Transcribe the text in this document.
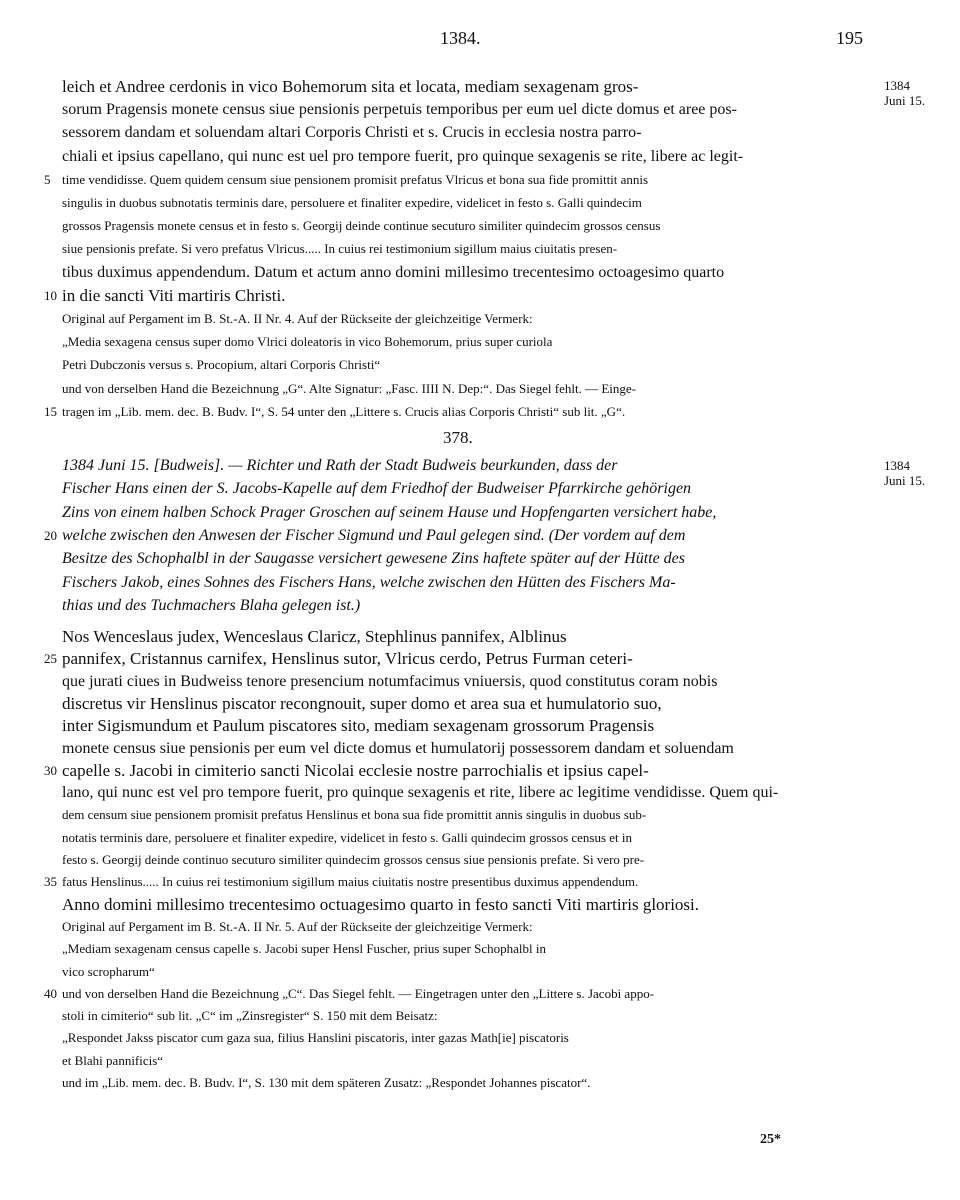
1384.	195
1384
Juni 15.
leich et Andree cerdonis in vico Bohemorum sita et locata, mediam sexagenam gros-
sorum Pragensis monete census siue pensionis perpetuis temporibus per eum uel dicte domus et aree pos-
sessorem dandam et soluendam altari Corporis Christi et s. Crucis in ecclesia nostra parro-
chiali et ipsius capellano, qui nunc est uel pro tempore fuerit, pro quinque sexagenis se rite, libere ac legit-
time vendidisse. Quem quidem censum siue pensionem promisit prefatus Vlricus et bona sua fide promittit annis
5
singulis in duobus subnotatis terminis dare, persoluere et finaliter expedire, videlicet in festo s. Galli quindecim
grossos Pragensis monete census et in festo s. Georgij deinde continue secuturo similiter quindecim grossos census
siue pensionis prefate. Si vero prefatus Vlricus..... In cuius rei testimonium sigillum maius ciuitatis presen-
tibus duximus appendendum. Datum et actum anno domini millesimo trecentesimo octoagesimo quarto
in die sancti Viti martiris Christi.
10
Original auf Pergament im B. St.-A. II Nr. 4. Auf der Rückseite der gleichzeitige Vermerk:
„Media sexagena census super domo Vlrici doleatoris in vico Bohemorum, prius super curiola
Petri Dubczonis versus s. Procopium, altari Corporis Christi“
und von derselben Hand die Bezeichnung „G“. Alte Signatur: „Fasc. IIII N. Dep:“. Das Siegel fehlt. — Einge-
tragen im „Lib. mem. dec. B. Budv. I“, S. 54 unter den „Littere s. Crucis alias Corporis Christi“ sub lit. „G“.
15
378.
1384
Juni 15.
1384 Juni 15. [Budweis]. — Richter und Rath der Stadt Budweis beurkunden, dass der
Fischer Hans einen der S. Jacobs-Kapelle auf dem Friedhof der Budweiser Pfarrkirche gehörigen
Zins von einem halben Schock Prager Groschen auf seinem Hause und Hopfengarten versichert habe,
welche zwischen den Anwesen der Fischer Sigmund und Paul gelegen sind. (Der vordem auf dem
20
Besitze des Schophalbl in der Saugasse versichert gewesene Zins haftete später auf der Hütte des
Fischers Jakob, eines Sohnes des Fischers Hans, welche zwischen den Hütten des Fischers Ma-
thias und des Tuchmachers Blaha gelegen ist.)
Nos Wenceslaus judex, Wenceslaus Claricz, Stephlinus pannifex, Alblinus
pannifex, Cristannus carnifex, Henslinus sutor, Vlricus cerdo, Petrus Furman ceteri-
25
que jurati ciues in Budweiss tenore presencium notumfacimus vniuersis, quod constitutus coram nobis
discretus vir Henslinus piscator recongnouit, super domo et area sua et humulatorio suo,
inter Sigismundum et Paulum piscatores sito, mediam sexagenam grossorum Pragensis
monete census siue pensionis per eum vel dicte domus et humulatorij possessorem dandam et soluendam
capelle s. Jacobi in cimiterio sancti Nicolai ecclesie nostre parrochialis et ipsius capel-
30
lano, qui nunc est vel pro tempore fuerit, pro quinque sexagenis et rite, libere ac legitime vendidisse. Quem qui-
dem censum siue pensionem promisit prefatus Henslinus et bona sua fide promittit annis singulis in duobus sub-
notatis terminis dare, persoluere et finaliter expedire, videlicet in festo s. Galli quindecim grossos census et in
festo s. Georgij deinde continuo secuturo similiter quindecim grossos census siue pensionis prefate. Si vero pre-
fatus Henslinus..... In cuius rei testimonium sigillum maius ciuitatis nostre presentibus duximus appendendum.
35
Anno domini millesimo trecentesimo octuagesimo quarto in festo sancti Viti martiris gloriosi.
Original auf Pergament im B. St.-A. II Nr. 5. Auf der Rückseite der gleichzeitige Vermerk:
„Mediam sexagenam census capelle s. Jacobi super Hensl Fuscher, prius super Schophalbl in
vico scropharum“
und von derselben Hand die Bezeichnung „C“. Das Siegel fehlt. — Eingetragen unter den „Littere s. Jacobi appo-
40
stoli in cimiterio“ sub lit. „C“ im „Zinsregister“ S. 150 mit dem Beisatz:
„Respondet Jakss piscator cum gaza sua, filius Hanslini piscatoris, inter gazas Math[ie] piscatoris
et Blahi pannificis“
und im „Lib. mem. dec. B. Budv. I“, S. 130 mit dem späteren Zusatz: „Respondet Johannes piscator“.
25*
